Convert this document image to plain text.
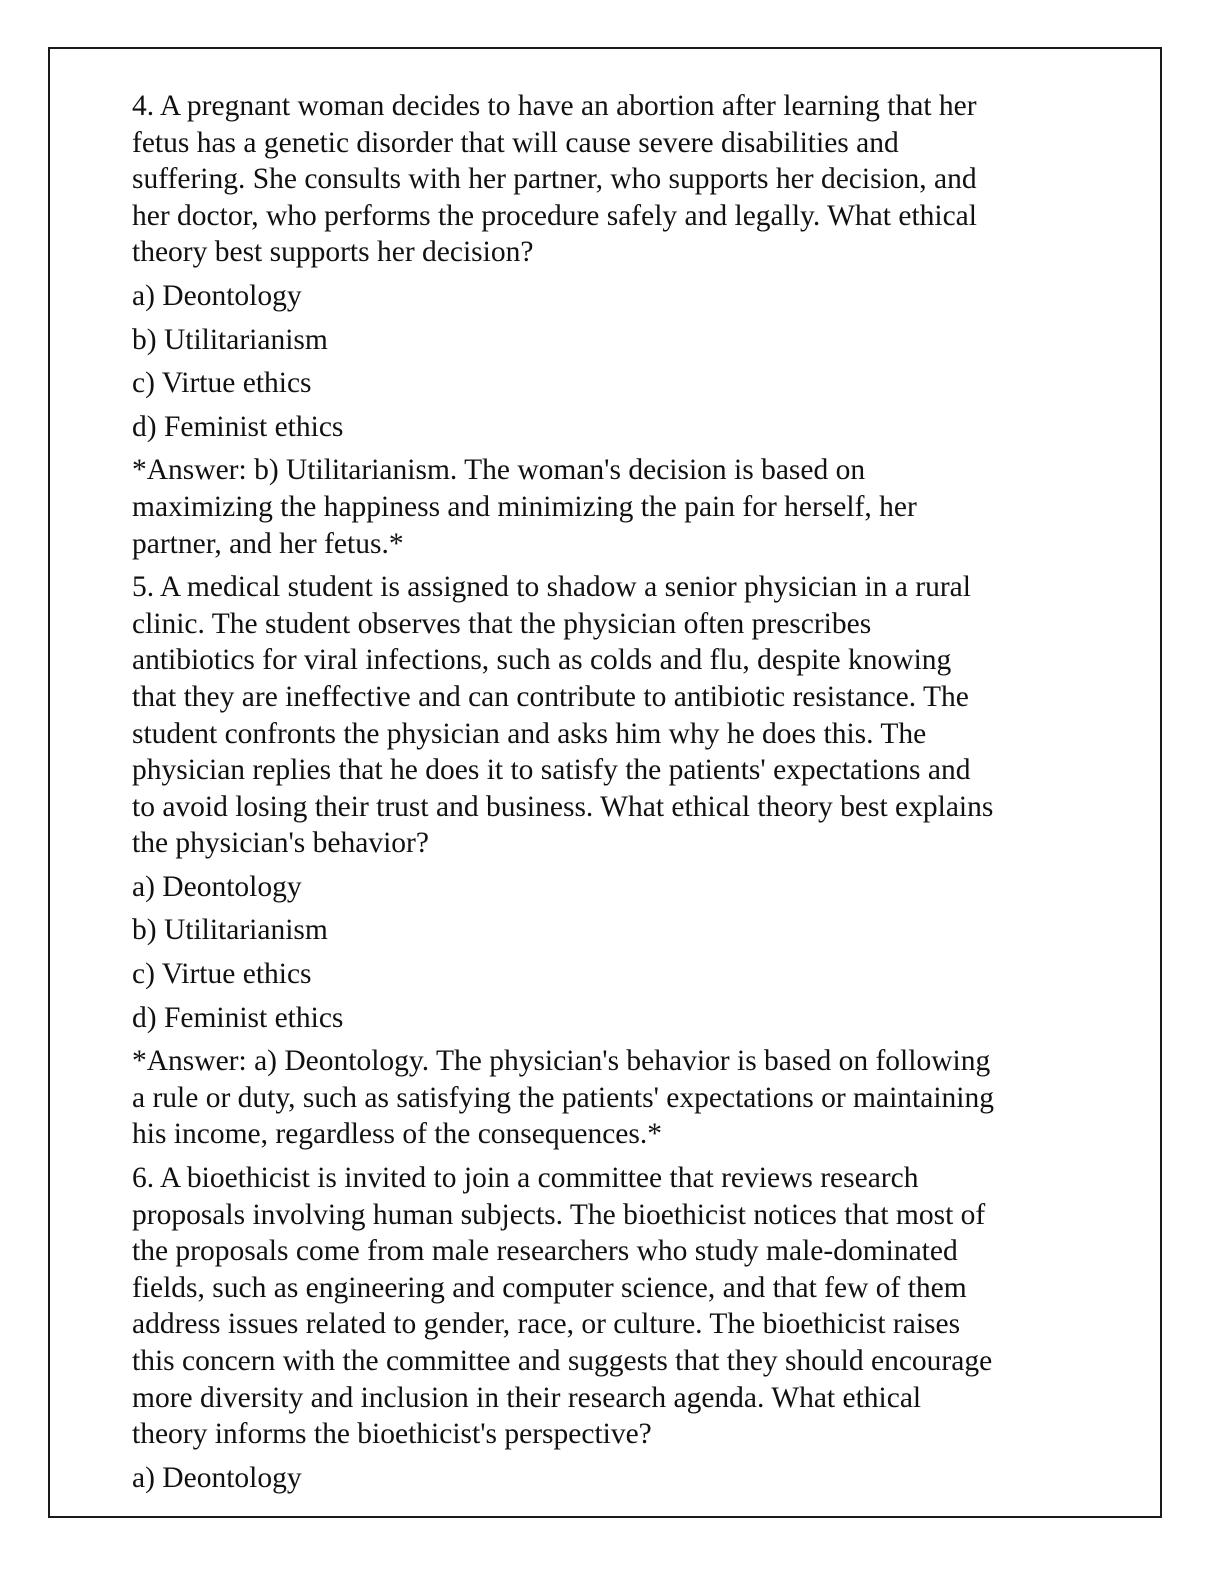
4. A pregnant woman decides to have an abortion after learning that her
fetus has a genetic disorder that will cause severe disabilities and
suffering. She consults with her partner, who supports her decision, and
her doctor, who performs the procedure safely and legally. What ethical
theory best supports her decision?

a) Deontology

b) Utilitarianism

c) Virtue ethics

d) Feminist ethics

*Answer: b) Utilitarianism. The woman's decision is based on
maximizing the happiness and minimizing the pain for herself, her
partner, and her fetus.*

5. A medical student is assigned to shadow a senior physician in a rural
clinic. The student observes that the physician often prescribes
antibiotics for viral infections, such as colds and flu, despite knowing
that they are ineffective and can contribute to antibiotic resistance. The
student confronts the physician and asks him why he does this. The
physician replies that he does it to satisfy the patients' expectations and
to avoid losing their trust and business. What ethical theory best explains
the physician's behavior?

a) Deontology

b) Utilitarianism

c) Virtue ethics

d) Feminist ethics

*Answer: a) Deontology. The physician's behavior is based on following
a rule or duty, such as satisfying the patients' expectations or maintaining
his income, regardless of the consequences.*

6. A bioethicist is invited to join a committee that reviews research
proposals involving human subjects. The bioethicist notices that most of
the proposals come from male researchers who study male-dominated
fields, such as engineering and computer science, and that few of them
address issues related to gender, race, or culture. The bioethicist raises
this concern with the committee and suggests that they should encourage
more diversity and inclusion in their research agenda. What ethical
theory informs the bioethicist's perspective?

a) Deontology
